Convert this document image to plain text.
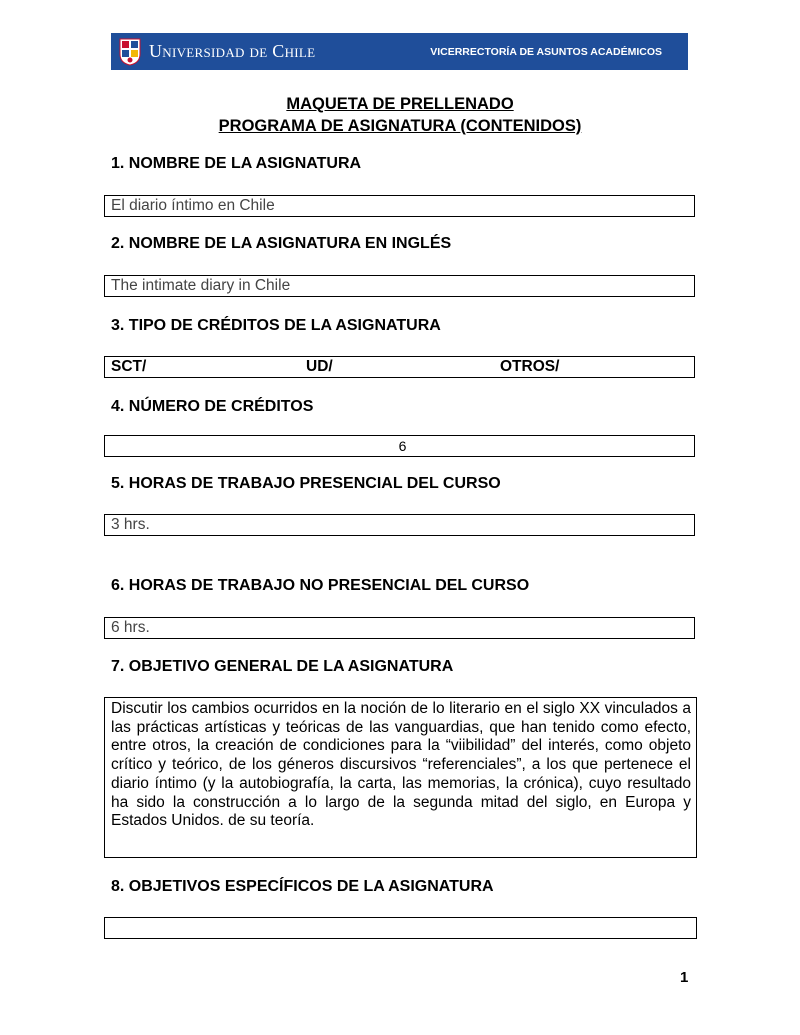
Universidad de Chile	VICERRECTORÍA DE ASUNTOS ACADÉMICOS
MAQUETA DE PRELLENADO
PROGRAMA DE ASIGNATURA (CONTENIDOS)
1. NOMBRE DE LA ASIGNATURA
El diario íntimo en Chile
2. NOMBRE DE LA ASIGNATURA EN INGLÉS
The intimate diary in Chile
3. TIPO DE CRÉDITOS DE LA ASIGNATURA
SCT/	UD/	OTROS/
4. NÚMERO DE CRÉDITOS
6
5. HORAS DE TRABAJO PRESENCIAL DEL CURSO
3 hrs.
6. HORAS DE TRABAJO NO PRESENCIAL DEL CURSO
6 hrs.
7. OBJETIVO GENERAL DE LA ASIGNATURA
Discutir los cambios ocurridos en la noción de lo literario en el siglo XX vinculados a las prácticas artísticas y teóricas de las vanguardias, que han tenido como efecto, entre otros, la creación de condiciones para la “viibilidad” del interés, como objeto crítico y teórico, de los géneros discursivos “referenciales”, a los que pertenece el diario íntimo (y la autobiografía, la carta, las memorias, la crónica), cuyo resultado ha sido la construcción a lo largo de la segunda mitad del siglo, en Europa y Estados Unidos. de su teoría.
8. OBJETIVOS ESPECÍFICOS DE LA ASIGNATURA
1
